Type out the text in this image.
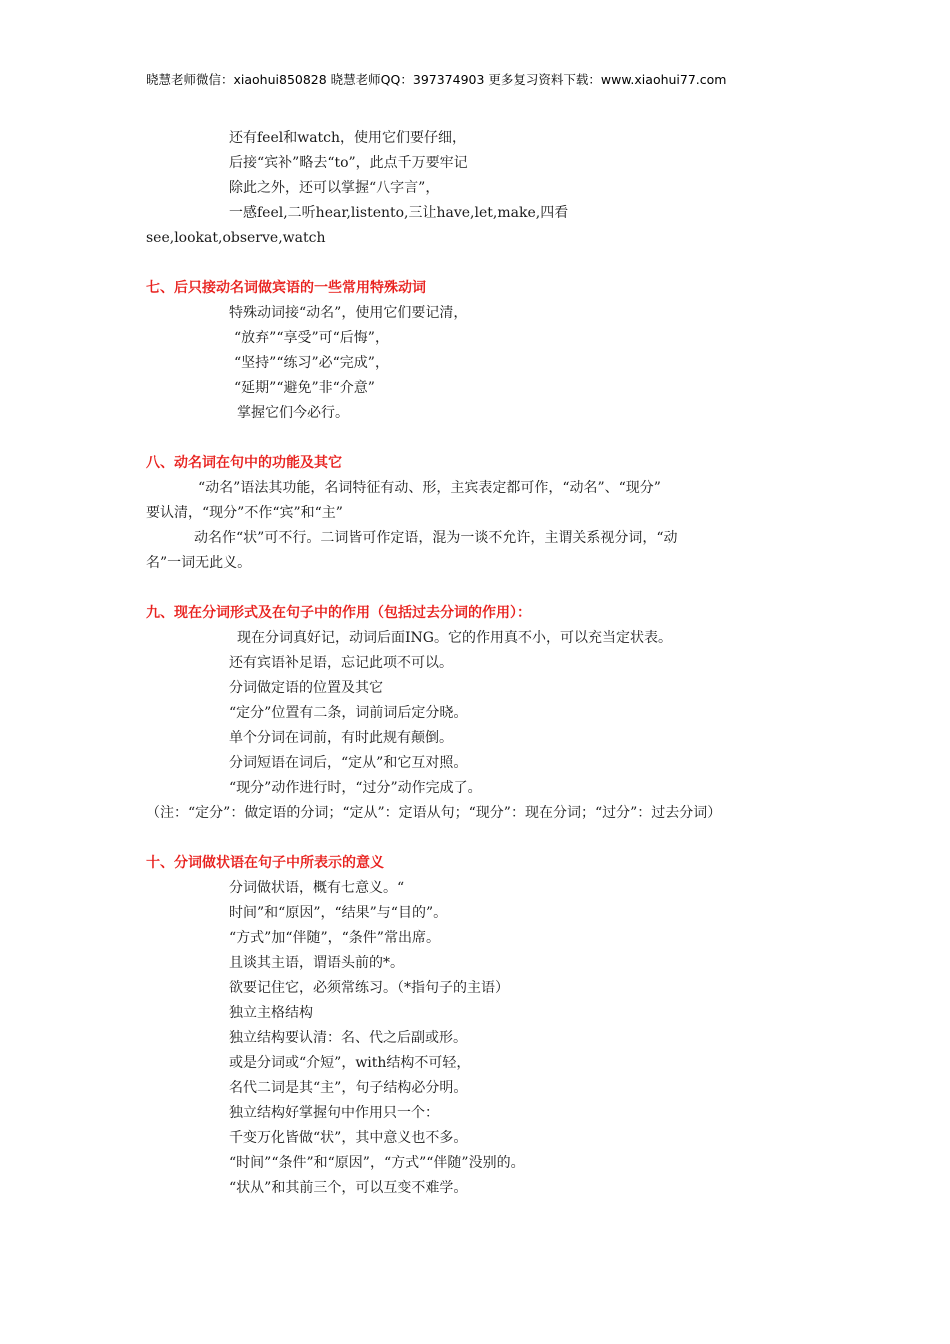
晓慧老师微信：xiaohui850828 晓慧老师QQ：397374903 更多复习资料下载：www.xiaohui77.com
还有feel和watch，使用它们要仔细，
后接“宾补”略去“to”，此点千万要牢记
除此之外，还可以掌握“八字言”，
一感feel,二听hear,listento,三让have,let,make,四看
see,lookat,observe,watch
七、后只接动名词做宾语的一些常用特殊动词
特殊动词接“动名”，使用它们要记清，
“放弃”“享受”可“后悔”，
“坚持”“练习”必“完成”，
“延期”“避免”非“介意”
掌握它们今必行。
八、动名词在句中的功能及其它
“动名”语法其功能，名词特征有动、形，主宾表定都可作，“动名”、“现分”
要认清，“现分”不作“宾”和“主”
动名作“状”可不行。二词皆可作定语，混为一谈不允许，主谓关系视分词，“动
名”一词无此义。
九、现在分词形式及在句子中的作用（包括过去分词的作用）：
现在分词真好记，动词后面ING。它的作用真不小，可以充当定状表。
还有宾语补足语，忘记此项不可以。
分词做定语的位置及其它
“定分”位置有二条，词前词后定分晓。
单个分词在词前，有时此规有颠倒。
分词短语在词后，“定从”和它互对照。
“现分”动作进行时，“过分”动作完成了。
（注：“定分”：做定语的分词；“定从”：定语从句；“现分”：现在分词；“过分”：过去分词）
十、分词做状语在句子中所表示的意义
分词做状语，概有七意义。“
时间”和“原因”，“结果”与“目的”。
“方式”加“伴随”，“条件”常出席。
且谈其主语，谓语头前的*。
欲要记住它，必须常练习。（*指句子的主语）
独立主格结构
独立结构要认清：名、代之后副或形。
或是分词或“介短”，with结构不可轻，
名代二词是其“主”，句子结构必分明。
独立结构好掌握句中作用只一个：
千变万化皆做“状”，其中意义也不多。
“时间”“条件”和“原因”，“方式”“伴随”没别的。
“状从”和其前三个，可以互变不难学。
